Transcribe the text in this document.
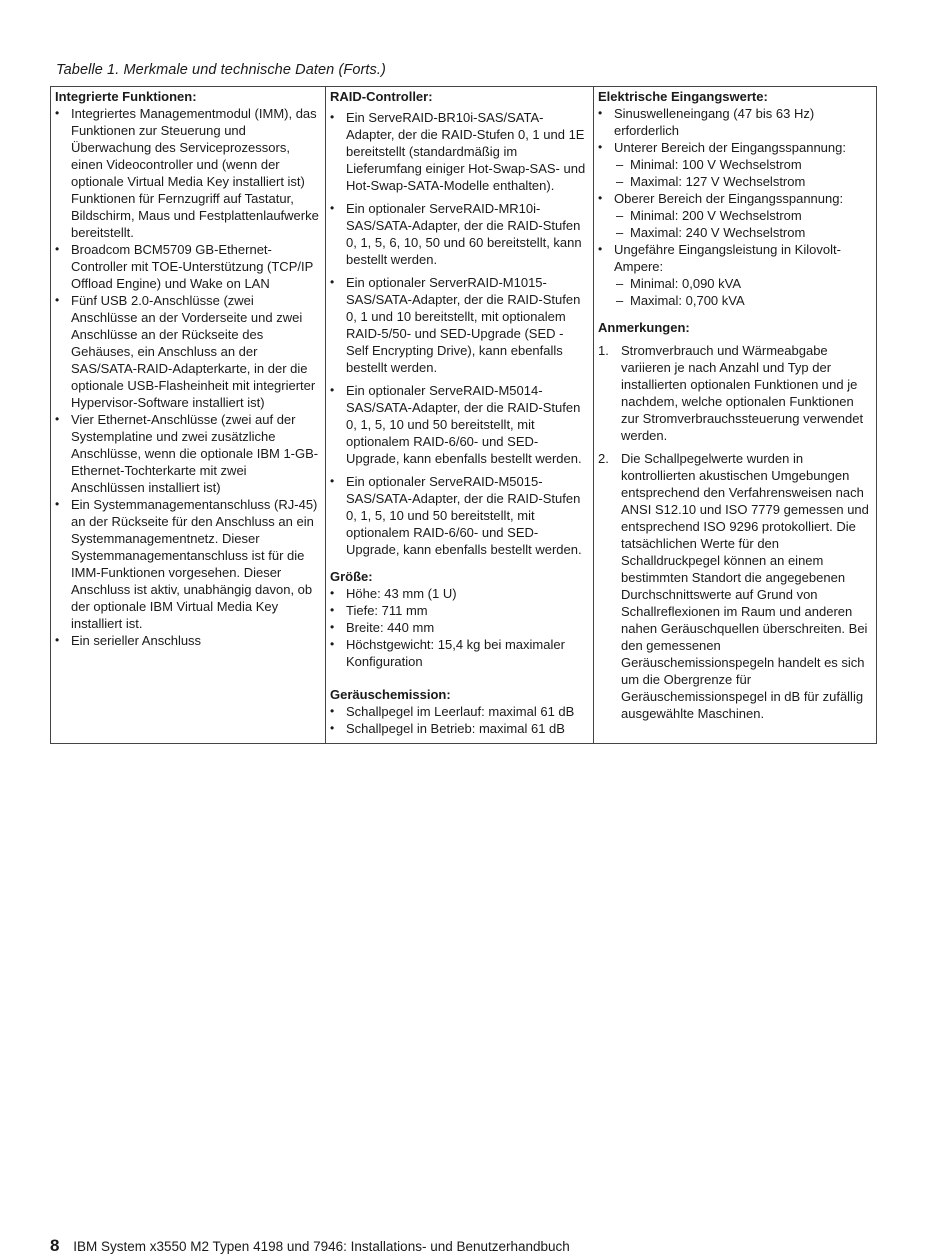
Tabelle 1. Merkmale und technische Daten (Forts.)

Integrierte Funktionen:

• Integriertes Managementmodul (IMM), das Funktionen zur Steuerung und Überwachung des Serviceprozessors, einen Videocontroller und (wenn der optionale Virtual Media Key installiert ist) Funktionen für Fernzugriff auf Tastatur, Bildschirm, Maus und Festplattenlaufwerke bereitstellt.
• Broadcom BCM5709 GB-Ethernet-Controller mit TOE-Unterstützung (TCP/IP Offload Engine) und Wake on LAN
• Fünf USB 2.0-Anschlüsse (zwei Anschlüsse an der Vorderseite und zwei Anschlüsse an der Rückseite des Gehäuses, ein Anschluss an der SAS/SATA-RAID-Adapterkarte, in der die optionale USB-Flasheinheit mit integrierter Hypervisor-Software installiert ist)
• Vier Ethernet-Anschlüsse (zwei auf der Systemplatine und zwei zusätzliche Anschlüsse, wenn die optionale IBM 1-GB-Ethernet-Tochterkarte mit zwei Anschlüssen installiert ist)
• Ein Systemmanagementanschluss (RJ-45) an der Rückseite für den Anschluss an ein Systemmanagementnetz. Dieser Systemmanagementanschluss ist für die IMM-Funktionen vorgesehen. Dieser Anschluss ist aktiv, unabhängig davon, ob der optionale IBM Virtual Media Key installiert ist.
• Ein serieller Anschluss

RAID-Controller:

• Ein ServeRAID-BR10i-SAS/SATA-Adapter, der die RAID-Stufen 0, 1 und 1E bereitstellt (standardmäßig im Lieferumfang einiger Hot-Swap-SAS- und Hot-Swap-SATA-Modelle enthalten).
• Ein optionaler ServeRAID-MR10i-SAS/SATA-Adapter, der die RAID-Stufen 0, 1, 5, 6, 10, 50 und 60 bereitstellt, kann bestellt werden.
• Ein optionaler ServerRAID-M1015-SAS/SATA-Adapter, der die RAID-Stufen 0, 1 und 10 bereitstellt, mit optionalem RAID-5/50- und SED-Upgrade (SED - Self Encrypting Drive), kann ebenfalls bestellt werden.
• Ein optionaler ServeRAID-M5014-SAS/SATA-Adapter, der die RAID-Stufen 0, 1, 5, 10 und 50 bereitstellt, mit optionalem RAID-6/60- und SED-Upgrade, kann ebenfalls bestellt werden.
• Ein optionaler ServeRAID-M5015-SAS/SATA-Adapter, der die RAID-Stufen 0, 1, 5, 10 und 50 bereitstellt, mit optionalem RAID-6/60- und SED-Upgrade, kann ebenfalls bestellt werden.

Größe:

• Höhe: 43 mm (1 U)
• Tiefe: 711 mm
• Breite: 440 mm
• Höchstgewicht: 15,4 kg bei maximaler Konfiguration

Geräuschemission:

• Schallpegel im Leerlauf: maximal 61 dB
• Schallpegel in Betrieb: maximal 61 dB

Elektrische Eingangswerte:

• Sinuswelleneingang (47 bis 63 Hz) erforderlich
• Unterer Bereich der Eingangsspannung:
– Minimal: 100 V Wechselstrom
– Maximal: 127 V Wechselstrom
• Oberer Bereich der Eingangsspannung:
– Minimal: 200 V Wechselstrom
– Maximal: 240 V Wechselstrom
• Ungefähre Eingangsleistung in Kilovolt-Ampere:
– Minimal: 0,090 kVA
– Maximal: 0,700 kVA

Anmerkungen:

1. Stromverbrauch und Wärmeabgabe variieren je nach Anzahl und Typ der installierten optionalen Funktionen und je nachdem, welche optionalen Funktionen zur Stromverbrauchssteuerung verwendet werden.
2. Die Schallpegelwerte wurden in kontrollierten akustischen Umgebungen entsprechend den Verfahrensweisen nach ANSI S12.10 und ISO 7779 gemessen und entsprechend ISO 9296 protokolliert. Die tatsächlichen Werte für den Schalldruckpegel können an einem bestimmten Standort die angegebenen Durchschnittswerte auf Grund von Schallreflexionen im Raum und anderen nahen Geräuschquellen überschreiten. Bei den gemessenen Geräuschemissionspegeln handelt es sich um die Obergrenze für Geräuschemissionspegel in dB für zufällig ausgewählte Maschinen.
8 IBM System x3550 M2 Typen 4198 und 7946: Installations- und Benutzerhandbuch
